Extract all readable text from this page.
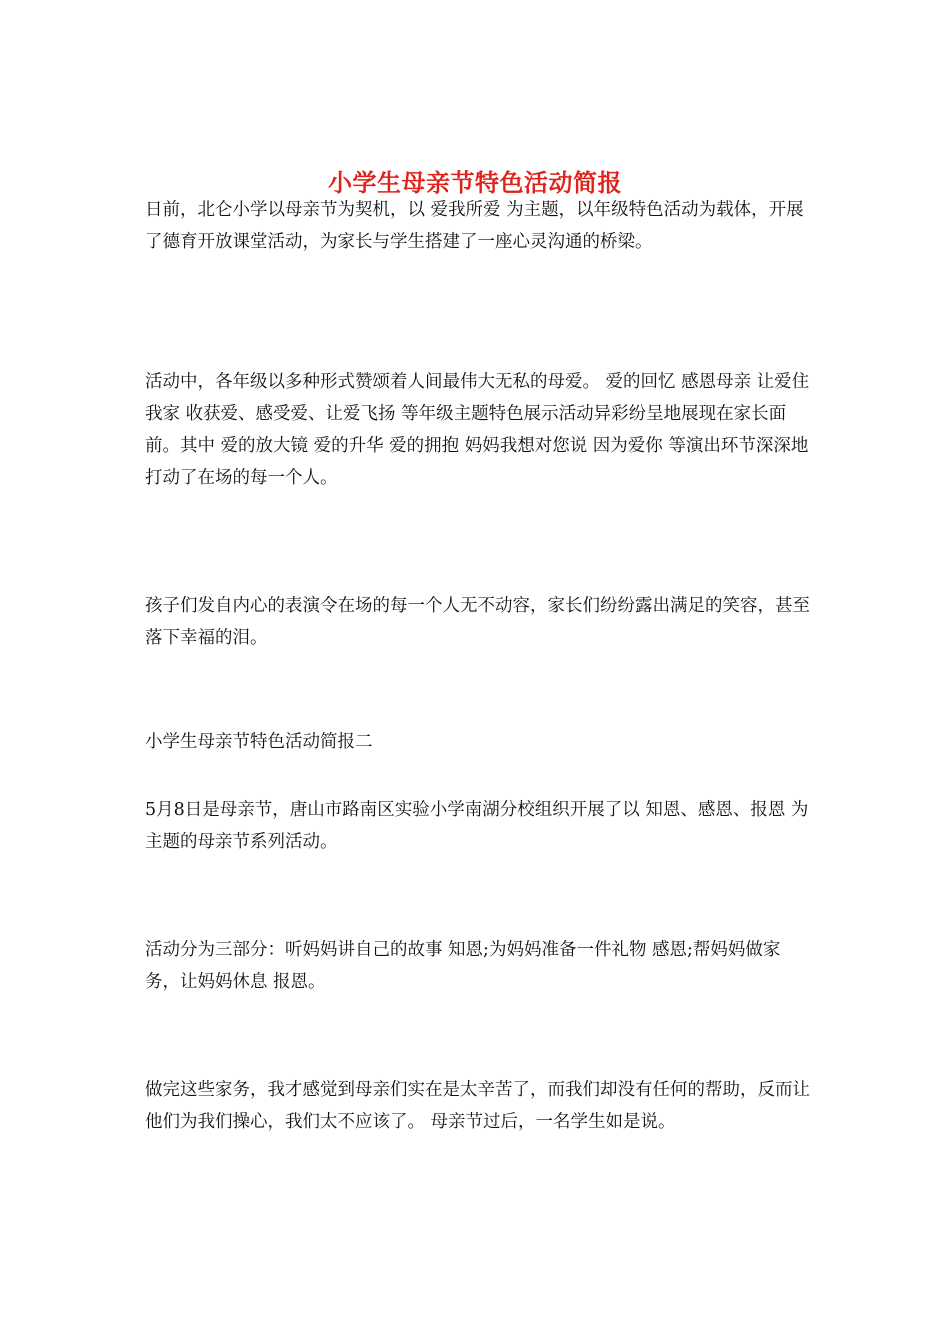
小学生母亲节特色活动简报

日前，北仑小学以母亲节为契机，以 爱我所爱 为主题，以年级特色活动为载体，开展了德育开放课堂活动，为家长与学生搭建了一座心灵沟通的桥梁。

活动中，各年级以多种形式赞颂着人间最伟大无私的母爱。 爱的回忆 感恩母亲 让爱住我家 收获爱、感受爱、让爱飞扬 等年级主题特色展示活动异彩纷呈地展现在家长面前。其中 爱的放大镜 爱的升华 爱的拥抱 妈妈我想对您说 因为爱你 等演出环节深深地打动了在场的每一个人。

孩子们发自内心的表演令在场的每一个人无不动容，家长们纷纷露出满足的笑容，甚至落下幸福的泪。

小学生母亲节特色活动简报二

5月8日是母亲节，唐山市路南区实验小学南湖分校组织开展了以 知恩、感恩、报恩 为主题的母亲节系列活动。

活动分为三部分：听妈妈讲自己的故事 知恩;为妈妈准备一件礼物 感恩;帮妈妈做家务，让妈妈休息 报恩。

做完这些家务，我才感觉到母亲们实在是太辛苦了，而我们却没有任何的帮助，反而让他们为我们操心，我们太不应该了。 母亲节过后，一名学生如是说。
